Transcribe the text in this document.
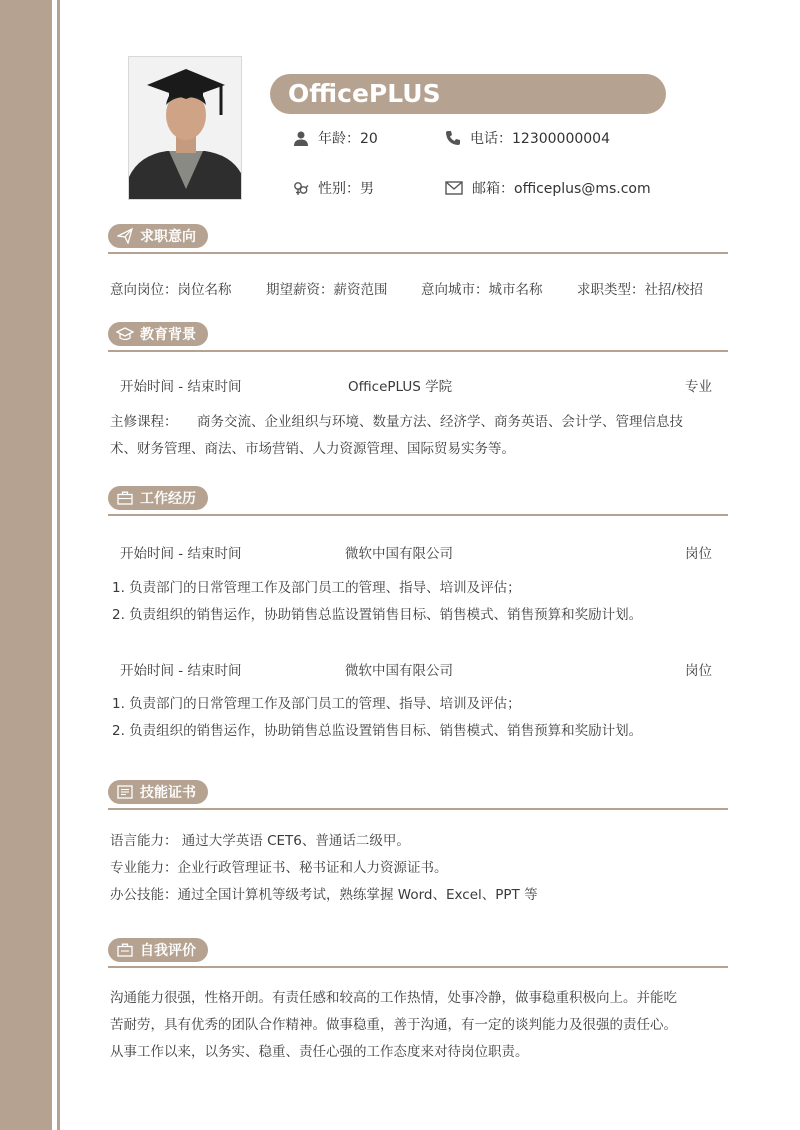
OfficePLUS
年龄：20	电话：12300000004
性别：男	邮箱：officeplus@ms.com
求职意向
意向岗位：岗位名称	期望薪资：薪资范围 意向城市：城市名称	求职类型：社招/校招
教育背景
开始时间 - 结束时间	OfficePLUS 学院	专业
主修课程： 商务交流、企业组织与环境、数量方法、经济学、商务英语、会计学、管理信息技
术、财务管理、商法、市场营销、人力资源管理、国际贸易实务等。
工作经历
开始时间 - 结束时间	微软中国有限公司	岗位
1. 负责部门的日常管理工作及部门员工的管理、指导、培训及评估；
2. 负责组织的销售运作，协助销售总监设置销售目标、销售模式、销售预算和奖励计划。
开始时间 - 结束时间	微软中国有限公司	岗位
1. 负责部门的日常管理工作及部门员工的管理、指导、培训及评估；
2. 负责组织的销售运作，协助销售总监设置销售目标、销售模式、销售预算和奖励计划。
技能证书
语言能力： 通过大学英语 CET6、普通话二级甲。
专业能力：企业行政管理证书、秘书证和人力资源证书。
办公技能：通过全国计算机等级考试，熟练掌握 Word、Excel、PPT 等
自我评价
沟通能力很强，性格开朗。有责任感和较高的工作热情，处事冷静，做事稳重积极向上。并能吃
苦耐劳，具有优秀的团队合作精神。做事稳重，善于沟通，有一定的谈判能力及很强的责任心。
从事工作以来，以务实、稳重、责任心强的工作态度来对待岗位职责。
